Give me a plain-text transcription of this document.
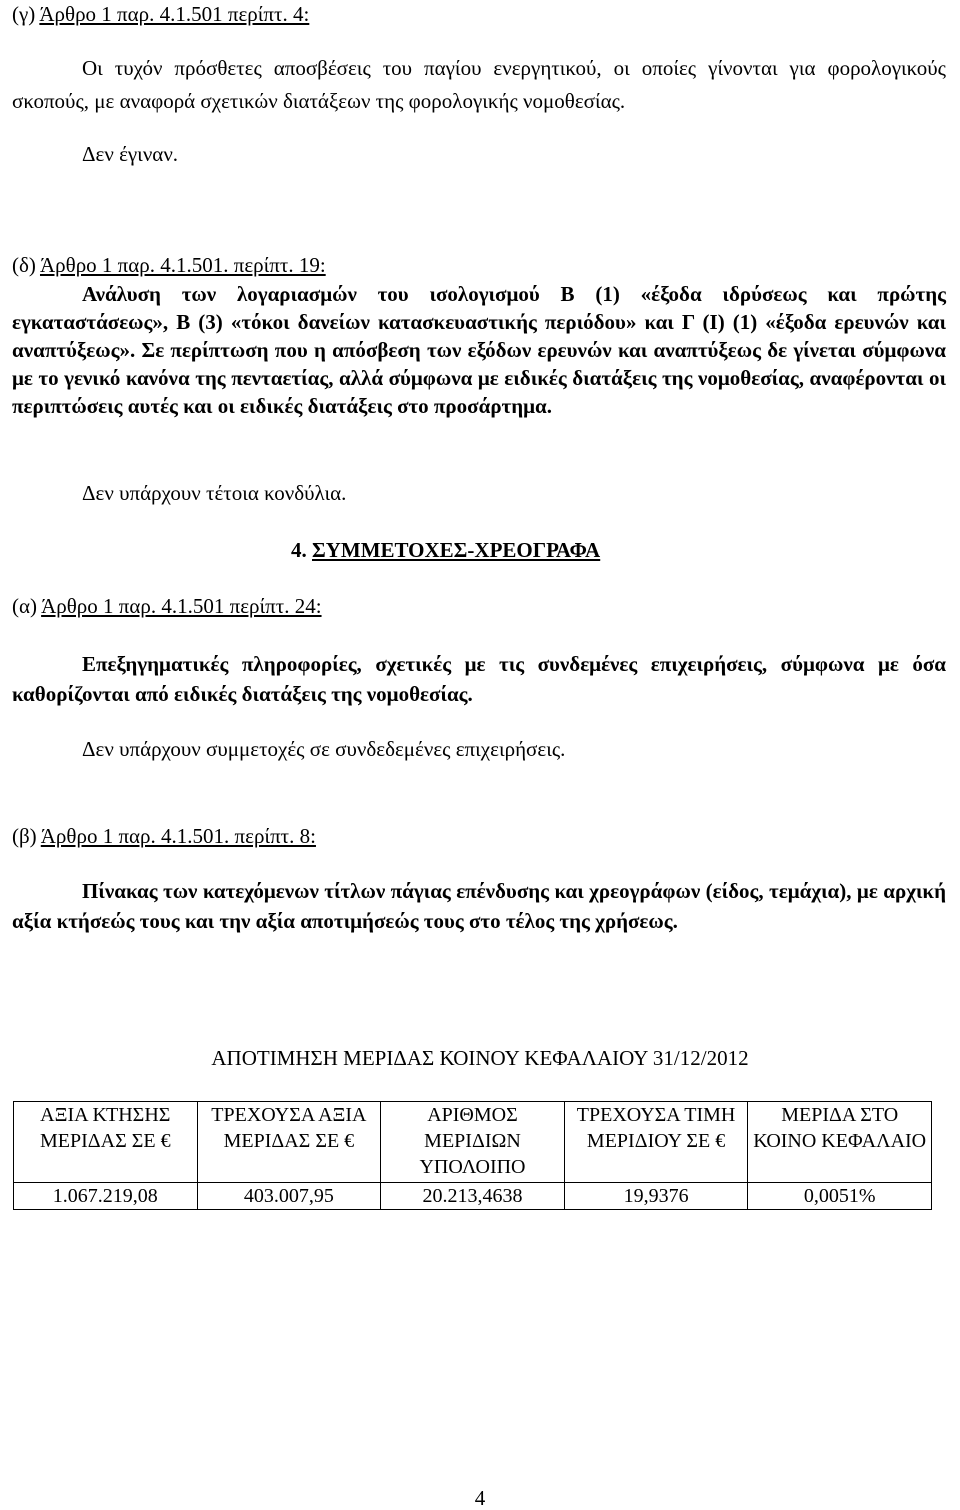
(γ) Άρθρο 1 παρ. 4.1.501 περίπτ. 4:

Οι τυχόν πρόσθετες αποσβέσεις του παγίου ενεργητικού, οι οποίες γίνονται για φορολογικούς σκοπούς, με αναφορά σχετικών διατάξεων της φορολογικής νομοθεσίας.

Δεν έγιναν.

(δ) Άρθρο 1 παρ. 4.1.501. περίπτ. 19:

Ανάλυση των λογαριασμών του ισολογισμού Β (1) «έξοδα ιδρύσεως και πρώτης εγκαταστάσεως», Β (3) «τόκοι δανείων κατασκευαστικής περιόδου» και Γ (Ι) (1) «έξοδα ερευνών και αναπτύξεως». Σε περίπτωση που η απόσβεση των εξόδων ερευνών και αναπτύξεως δε γίνεται σύμφωνα με το γενικό κανόνα της πενταετίας, αλλά σύμφωνα με ειδικές διατάξεις της νομοθεσίας, αναφέρονται οι περιπτώσεις αυτές και οι ειδικές διατάξεις στο προσάρτημα.

Δεν υπάρχουν τέτοια κονδύλια.

4. ΣΥΜΜΕΤΟΧΕΣ-ΧΡΕΟΓΡΑΦΑ

(α) Άρθρο 1 παρ. 4.1.501 περίπτ. 24:

Επεξηγηματικές πληροφορίες, σχετικές με τις συνδεμένες επιχειρήσεις, σύμφωνα με όσα καθορίζονται από ειδικές διατάξεις της νομοθεσίας.

Δεν υπάρχουν συμμετοχές σε συνδεδεμένες επιχειρήσεις.

(β) Άρθρο 1 παρ. 4.1.501. περίπτ. 8:

Πίνακας των κατεχόμενων τίτλων πάγιας επένδυσης και χρεογράφων (είδος, τεμάχια), με αρχική αξία κτήσεώς τους και την αξία αποτιμήσεώς τους στο τέλος της χρήσεως.

ΑΠΟΤΙΜΗΣΗ ΜΕΡΙΔΑΣ ΚΟΙΝΟΥ ΚΕΦΑΛΑΙΟΥ 31/12/2012

ΑΞΙΑ ΚΤΗΣΗΣ ΜΕΡΙΔΑΣ ΣΕ €	ΤΡΕΧΟΥΣΑ ΑΞΙΑ ΜΕΡΙΔΑΣ ΣΕ €	ΑΡΙΘΜΟΣ ΜΕΡΙΔΙΩΝ ΥΠΟΛΟΙΠΟ	ΤΡΕΧΟΥΣΑ ΤΙΜΗ ΜΕΡΙΔΙΟΥ ΣΕ €	ΜΕΡΙΔΑ ΣΤΟ ΚΟΙΝΟ ΚΕΦΑΛΑΙΟ
1.067.219,08	403.007,95	20.213,4638	19,9376	0,0051%

4
